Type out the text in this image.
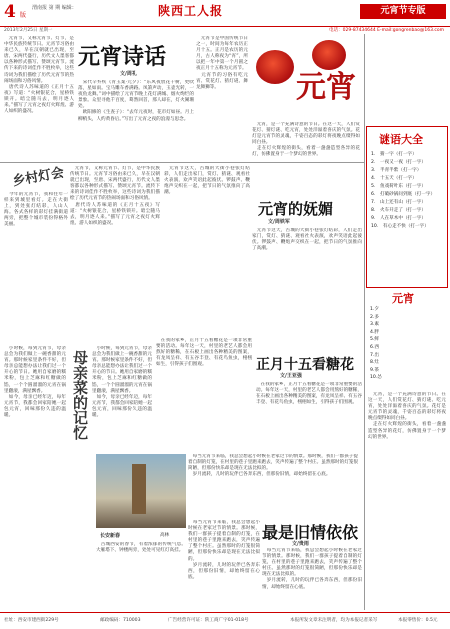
4 版
渭南报 第 期 编辑：	陕西工人报	元宵节专版
2013年2月25日 星期一	电话：029-87434644 E-mail:gongrenbao@163.com
元宵诗话
文/周礼
　元宵节，又称元宵节、灯节，是中华民族传统节日。元宵节习俗由来已久，早在汉朝就已出现，至唐、宋两代盛行，历代文人墨客都以各种形式描写、赞颂元宵节。流传下来的诗词佳作不胜枚举，这些诗词为我们描绘了历代元宵节的热闹场面和习俗风情。
　唐代诗人苏味道的《正月十五夜》写道：“火树银花合，星桥铁锁开。暗尘随马去，明月逐人来。”描写了元宵之夜灯火辉煌、游人如织的盛况。
　宋代辛弃疾《青玉案·元夕》：“东风夜放花千树，更吹落，星如雨。宝马雕车香满路。凤箫声动，玉壶光转，一夜鱼龙舞。”词中描绘了元宵节晚上花灯满城、烟火绚烂的景象。众里寻他千百度，蓦然回首，那人却在，灯火阑珊处。
　欧阳修的《生查子》：“去年元夜时，花市灯如昼。月上柳梢头，人约黄昏后。”写出了元宵之夜的浪漫与思念。
　元宵节是中国传统节日之一，时间为每年农历正月十五。正月是农历的元月，古人称夜为“宵”，所以把一年中第一个月圆之夜正月十五称为元宵节。
　元宵节的习俗有吃元宵、赏花灯、猜灯谜、舞龙舞狮等。	元宵
　元宵，是一个充满诗意的节日。在这一天，人们赏花灯、猜灯谜、吃元宵，处处洋溢着喜庆的气氛。花灯是元宵节的灵魂，千姿百态的彩灯将夜晚点缀得如同白昼。
　走在灯火辉煌的街头，看着一盏盏造型各异的花灯，仿佛置身于一个梦幻的世界。
谜语大全
1.　猜一字（打一字）
2.　一夜又一夜（打一字）
3.　半青半紫（打一字）
4.　十五天（打一字）
5.　鱼戏荷叶东（打一字）
6.　打破砂锅问到底（打一字）
7.　山上还有山（打一字）
8.　火车开走了（打一字）
9.　人在草木中（打一字）
10.　有心走不快（打一字）
元宵
1.夕
2.多
3.素
4.胖
5.鲜
6.西
7.出
8.灶
9.茶
10.怂
　元宵，是一个充满诗意的节日。在这一天，人们赏花灯、猜灯谜、吃元宵，处处洋溢着喜庆的气氛。花灯是元宵节的灵魂，千姿百态的彩灯将夜晚点缀得如同白昼。
　走在灯火辉煌的街头，看着一盏盏造型各异的花灯，仿佛置身于一个梦幻的世界。
元宵的妩媚
文/周铁军
　元宵节这天，古城的大街小巷张灯结彩，人们走出家门，赏灯、猜谜、观看社火表演，欢声笑语此起彼伏。锣鼓声、鞭炮声交织在一起，把节日的气氛推向了高潮。
乡村灯会
　今年的元宵节，我和往年一样来到城里看灯。走在大街上，到处张灯结彩，人山人海。各式各样的彩灯挂满街道两旁，把整个城市装扮得格外美丽。
　元宵节，又称元宵节、灯节，是中华民族传统节日。元宵节习俗由来已久，早在汉朝就已出现，至唐、宋两代盛行，历代文人墨客都以各种形式描写、赞颂元宵节。流传下来的诗词佳作不胜枚举，这些诗词为我们描绘了历代元宵节的热闹场面和习俗风情。
　唐代诗人苏味道的《正月十五夜》写道：“火树银花合，星桥铁锁开。暗尘随马去，明月逐人来。”描写了元宵之夜灯火辉煌、游人如织的盛况。
　元宵节这天，古城的大街小巷张灯结彩，人们走出家门，赏灯、猜谜、观看社火表演，欢声笑语此起彼伏。锣鼓声、鞭炮声交织在一起，把节日的气氛推向了高潮。
母亲菜的记忆
　小时候，每到元宵节，母亲总会为我们做上一碗香甜的元宵。那时候家里条件不好，但母亲总能想办法让我们过一个开心的节日。她用自家磨的糯米粉，包上芝麻和红糖做的馅，一个个圆溜溜的元宵在锅里翻滚，满屋飘香。
　如今，母亲已经年迈，每年元宵节，我都会回家陪她一起包元宵，回味那份久违的温暖。
　小时候，每到元宵节，母亲总会为我们做上一碗香甜的元宵。那时候家里条件不好，但母亲总能想办法让我们过一个开心的节日。她用自家磨的糯米粉，包上芝麻和红糖做的馅，一个个圆溜溜的元宵在锅里翻滚，满屋飘香。
　如今，母亲已经年迈，每年元宵节，我都会回家陪她一起包元宵，回味那份久违的温暖。
正月十五看糖花
文/王亚强
　在我的家乡，正月十五看糖花是一项非常重要的活动。每年这一天，村里的老艺人都会用熬好的糖稀，在石板上画出各种精美的图案，有龙凤呈祥、有五谷丰登、有花鸟鱼虫，栩栩如生，引得孩子们围观。
　在我的家乡，正月十五看糖花是一项非常重要的活动。每年这一天，村里的老艺人都会用熬好的糖稀，在石板上画出各种精美的图案，有龙凤呈祥、有五谷丰登、有花鸟鱼虫，栩栩如生，引得孩子们围观。
长安新春	高林
　古城西安的春节，有着浓郁的传统气息。大雁塔下、钟楼两旁，处处可见红灯高挂。
最是旧情依依
文/贵雨
　每当元宵节来临，我总会想起小时候在老家过节的情景。那时候，我们一群孩子提着自制的灯笼，在村里的巷子里跑来跑去，笑声传遍了整个村庄。虽然那时的灯笼很简陋，但那份快乐却是现在无法比拟的。
　岁月流转，儿时的玩伴已各奔东西，但那份旧情，却始终留在心底。
　每当元宵节来临，我总会想起小时候在老家过节的情景。那时候，我们一群孩子提着自制的灯笼，在村里的巷子里跑来跑去，笑声传遍了整个村庄。虽然那时的灯笼很简陋，但那份快乐却是现在无法比拟的。
　岁月流转，儿时的玩伴已各奔东西，但那份旧情，却始终留在心底。
　每当元宵节来临，我总会想起小时候在老家过节的情景。那时候，我们一群孩子提着自制的灯笼，在村里的巷子里跑来跑去，笑声传遍了整个村庄。虽然那时的灯笼很简陋，但那份快乐却是现在无法比拟的。
　岁月流转，儿时的玩伴已各奔东西，但那份旧情，却始终留在心底。
社址：西安市建西街229号	邮政编码：710003	广告经营许可证：陕工商广字01-018号	本报所发文章未注明者，均为本报记者采写	本报零售价：0.5元
